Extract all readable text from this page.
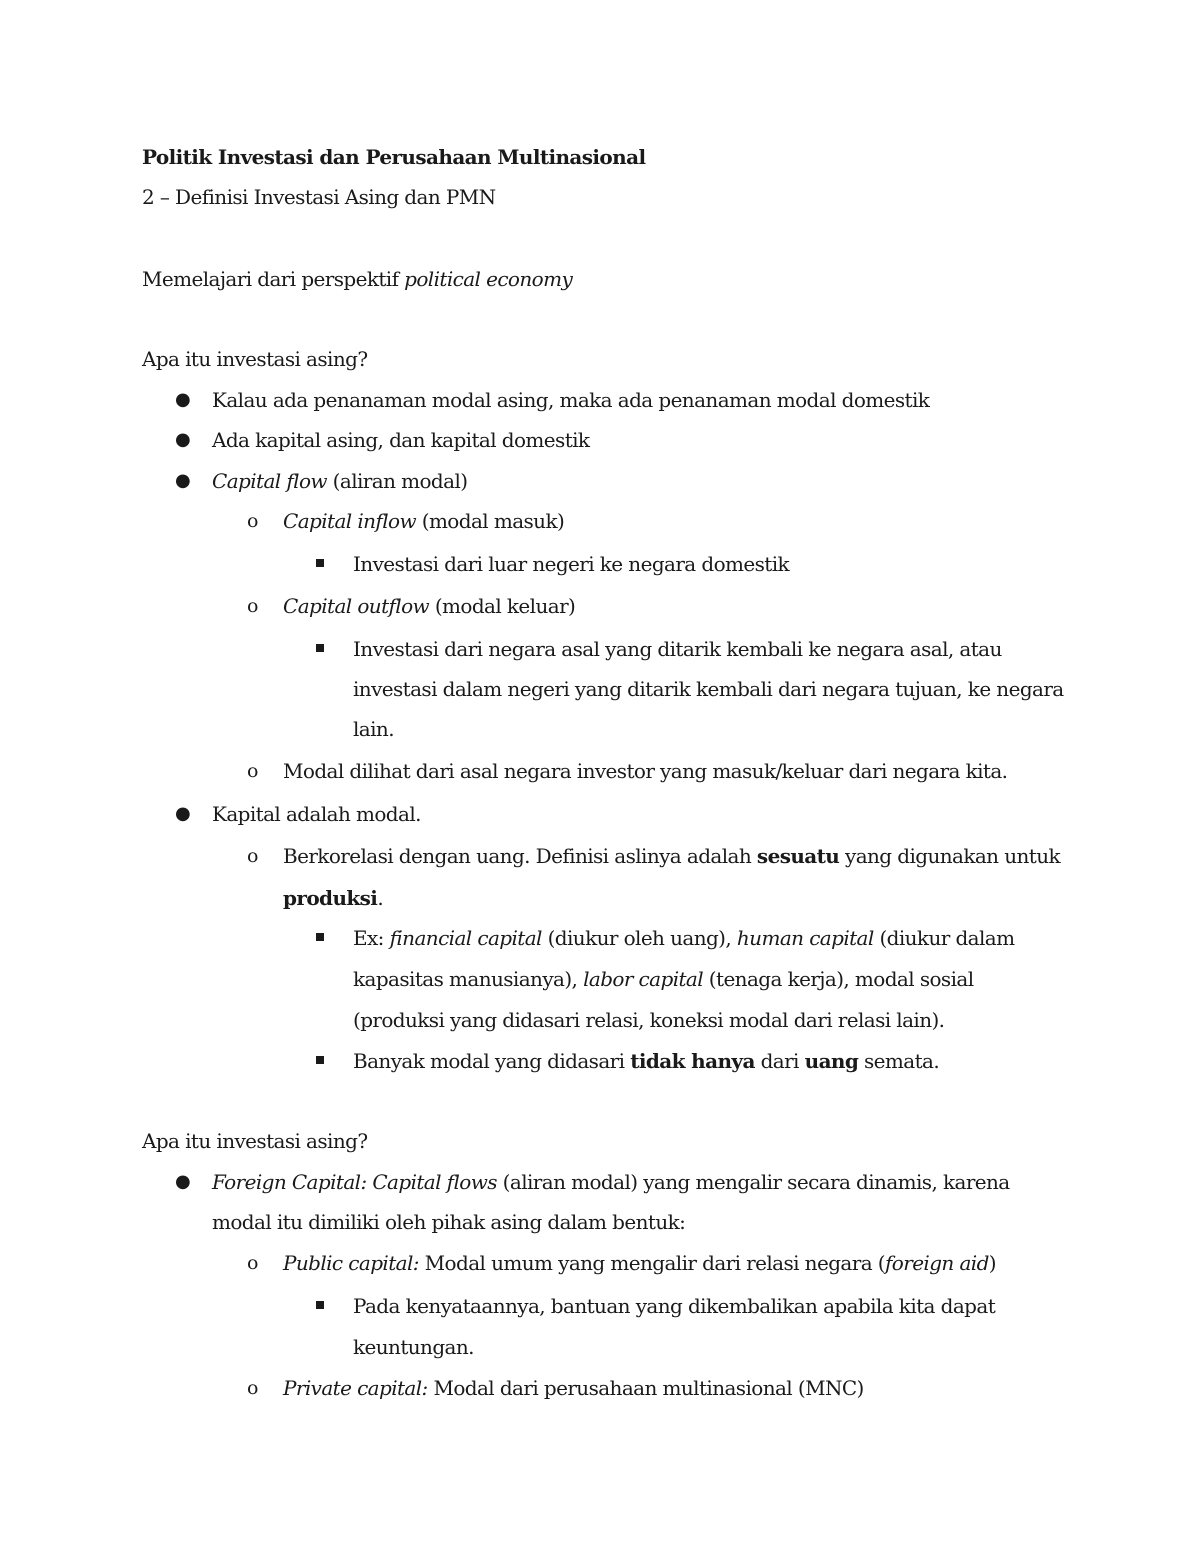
Politik Investasi dan Perusahaan Multinasional
2 – Definisi Investasi Asing dan PMN
Memelajari dari perspektif political economy
Apa itu investasi asing?
● Kalau ada penanaman modal asing, maka ada penanaman modal domestik
● Ada kapital asing, dan kapital domestik
● Capital flow (aliran modal)
o Capital inflow (modal masuk)
Investasi dari luar negeri ke negara domestik
o Capital outflow (modal keluar)
Investasi dari negara asal yang ditarik kembali ke negara asal, atau
investasi dalam negeri yang ditarik kembali dari negara tujuan, ke negara
lain.
o Modal dilihat dari asal negara investor yang masuk/keluar dari negara kita.
● Kapital adalah modal.
o Berkorelasi dengan uang. Definisi aslinya adalah sesuatu yang digunakan untuk
produksi.
Ex: financial capital (diukur oleh uang), human capital (diukur dalam
kapasitas manusianya), labor capital (tenaga kerja), modal sosial
(produksi yang didasari relasi, koneksi modal dari relasi lain).
Banyak modal yang didasari tidak hanya dari uang semata.
Apa itu investasi asing?
● Foreign Capital: Capital flows (aliran modal) yang mengalir secara dinamis, karena
modal itu dimiliki oleh pihak asing dalam bentuk:
o Public capital: Modal umum yang mengalir dari relasi negara (foreign aid)
Pada kenyataannya, bantuan yang dikembalikan apabila kita dapat
keuntungan.
o Private capital: Modal dari perusahaan multinasional (MNC)
